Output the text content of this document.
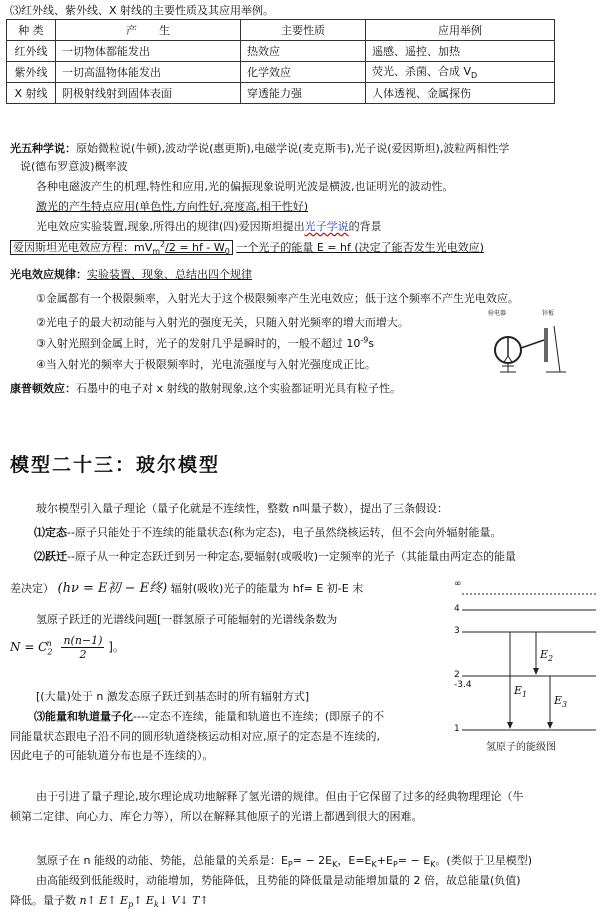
⑶红外线、紫外线、X 射线的主要性质及其应用举例。
种 类	产　　生	主要性质	应用举例
红外线	一切物体都能发出	热效应	遥感、遥控、加热
紫外线	一切高温物体能发出	化学效应	荧光、杀菌、合成 $V_D$
X 射线	阴极射线射到固体表面	穿透能力强	人体透视、金属探伤
光五种学说：原始微粒说(牛顿),波动学说(惠更斯),电磁学说(麦克斯韦),光子说(爱因斯坦),波粒两相性学
说(德布罗意波)概率波
各种电磁波产生的机理,特性和应用,光的偏振现象说明光波是横波,也证明光的波动性。
激光的产生特点应用(单色性,方向性好,亮度高,相干性好)
光电效应实验装置,现象,所得出的规律(四)爱因斯坦提出光子学说的背景
爱因斯坦光电效应方程：$mV_m^2/2$ = hf - $W_0$ 一个光子的能量 E = hf (决定了能否发生光电效应)
光电效应规律：实验装置、现象、总结出四个规律
①金属都有一个极限频率，入射光大于这个极限频率产生光电效应；低于这个频率不产生光电效应。
②光电子的最大初动能与入射光的强度无关，只随入射光频率的增大而增大。
③入射光照到金属上时，光子的发射几乎是瞬时的，一般不超过 $10^{-9}s$
④当入射光的频率大于极限频率时，光电流强度与入射光强度成正比。
验电器	锌板
康普顿效应：石墨中的电子对 x 射线的散射现象,这个实验都证明光具有粒子性。
模型二十三：玻尔模型
玻尔模型引入量子理论（量子化就是不连续性，整数 n叫量子数），提出了三条假设：
⑴定态--原子只能处于不连续的能量状态(称为定态)，电子虽然绕核运转，但不会向外辐射能量。
⑵跃迁--原子从一种定态跃迁到另一种定态,要辐射(或吸收)一定频率的光子（其能量由两定态的能量
差决定） (hν = E初 − E终) 辐射(吸收)光子的能量为 hf= E 初-E 末
氢原子跃迁的光谱线问题[一群氢原子可能辐射的光谱线条数为
$N = C_2^n \frac{n(n-1)}{2}$ ]。
[(大量)处于 n 激发态原子跃迁到基态时的所有辐射方式]
⑶能量和轨道量子化----定态不连续，能量和轨道也不连续；(即原子的不
同能量状态跟电子沿不同的圆形轨道绕核运动相对应,原子的定态是不连续的,
因此电子的可能轨道分布也是不连续的）。
∞
4
3
2
1
-3.4
$E_2$
$E_1$ $E_3$
氢原子的能级图
由于引进了量子理论,玻尔理论成功地解释了氢光谱的规律。但由于它保留了过多的经典物理理论（牛
顿第二定律、向心力、库仑力等），所以在解释其他原子的光谱上都遇到很大的困难。
氢原子在 n 能级的动能、势能，总能量的关系是：$E_P= - 2E_K$，$E=E_K+E_P= - E_K$。(类似于卫星模型)
由高能级到低能级时，动能增加，势能降低，且势能的降低量是动能增加量的 2 倍，故总能量(负值)
降低。量子数 n↑ E↑ $E_p↑$ $E_k↓$ V↓ T↑
